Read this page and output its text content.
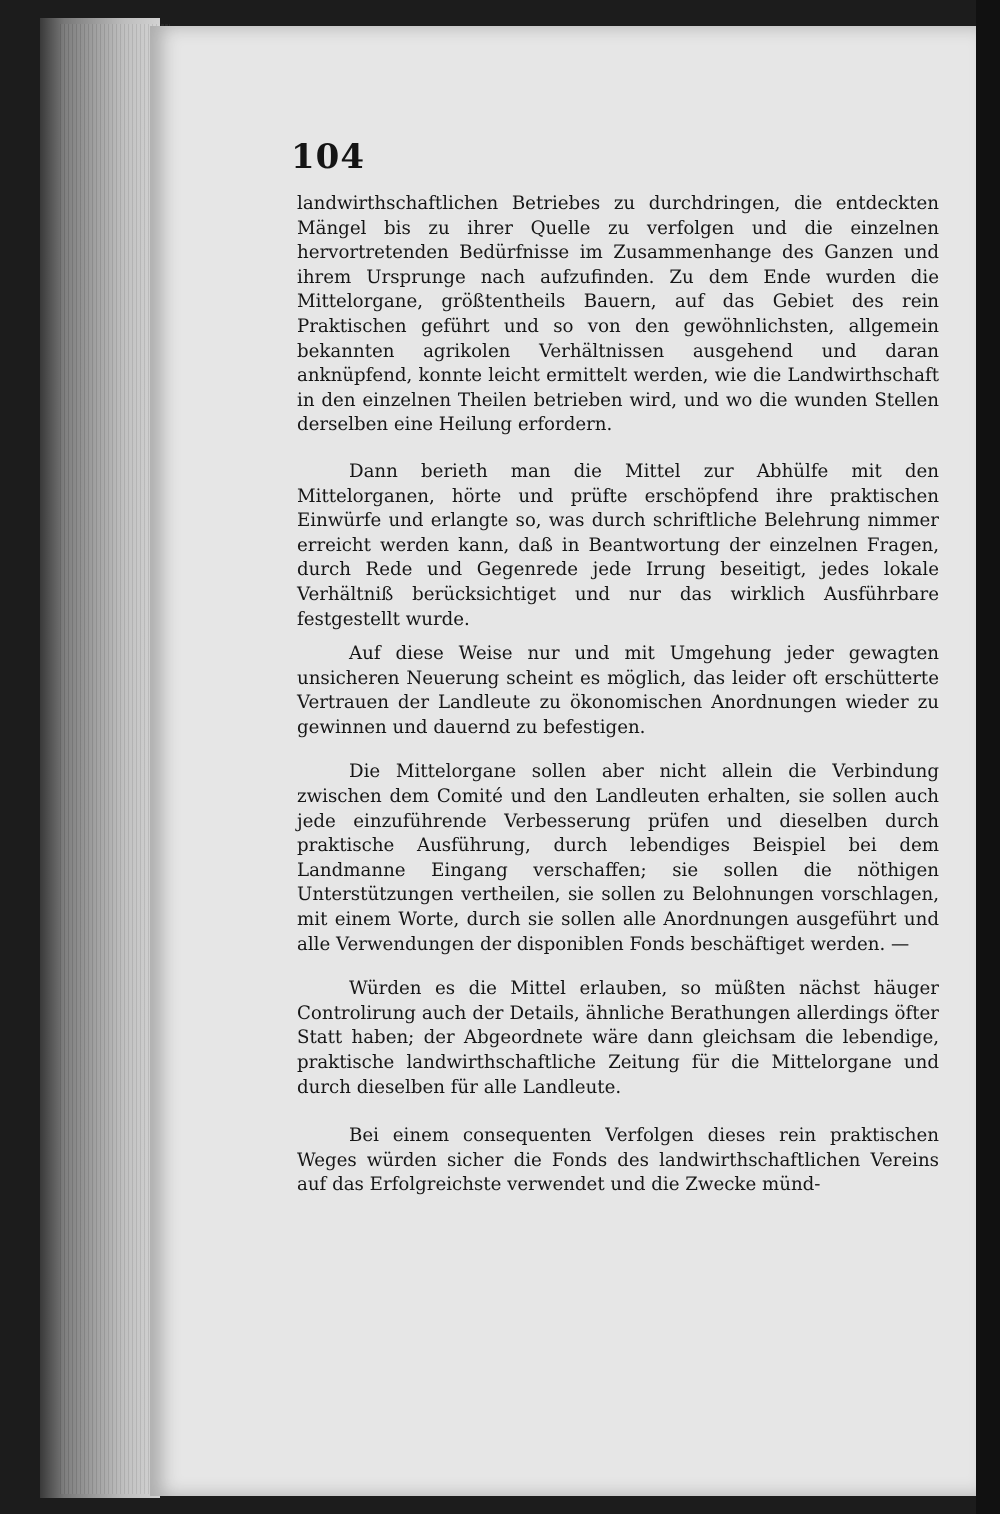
104

landwirthschaftlichen Betriebes zu durchdringen, die entdeckten Mängel bis zu ihrer Quelle zu verfolgen und die einzelnen hervortretenden Bedürfnisse im Zusammenhange des Ganzen und ihrem Ursprunge nach aufzufinden. Zu dem Ende wurden die Mittelorgane, größtentheils Bauern, auf das Gebiet des rein Praktischen geführt und so von den gewöhnlichsten, allgemein bekannten agrikolen Verhältnissen ausgehend und daran anknüpfend, konnte leicht ermittelt werden, wie die Landwirthschaft in den einzelnen Theilen betrieben wird, und wo die wunden Stellen derselben eine Heilung erfordern.

Dann berieth man die Mittel zur Abhülfe mit den Mittelorganen, hörte und prüfte erschöpfend ihre praktischen Einwürfe und erlangte so, was durch schriftliche Belehrung nimmer erreicht werden kann, daß in Beantwortung der einzelnen Fragen, durch Rede und Gegenrede jede Irrung beseitigt, jedes lokale Verhältniß berücksichtiget und nur das wirklich Ausführbare festgestellt wurde.

Auf diese Weise nur und mit Umgehung jeder gewagten unsicheren Neuerung scheint es möglich, das leider oft erschütterte Vertrauen der Landleute zu ökonomischen Anordnungen wieder zu gewinnen und dauernd zu befestigen.

Die Mittelorgane sollen aber nicht allein die Verbindung zwischen dem Comité und den Landleuten erhalten, sie sollen auch jede einzuführende Verbesserung prüfen und dieselben durch praktische Ausführung, durch lebendiges Beispiel bei dem Landmanne Eingang verschaffen; sie sollen die nöthigen Unterstützungen vertheilen, sie sollen zu Belohnungen vorschlagen, mit einem Worte, durch sie sollen alle Anordnungen ausgeführt und alle Verwendungen der disponiblen Fonds beschäftiget werden. —

Würden es die Mittel erlauben, so müßten nächst häuger Controlirung auch der Details, ähnliche Berathungen allerdings öfter Statt haben; der Abgeordnete wäre dann gleichsam die lebendige, praktische landwirthschaftliche Zeitung für die Mittelorgane und durch dieselben für alle Landleute.

Bei einem consequenten Verfolgen dieses rein praktischen Weges würden sicher die Fonds des landwirthschaftlichen Vereins auf das Erfolgreichste verwendet und die Zwecke münd-
